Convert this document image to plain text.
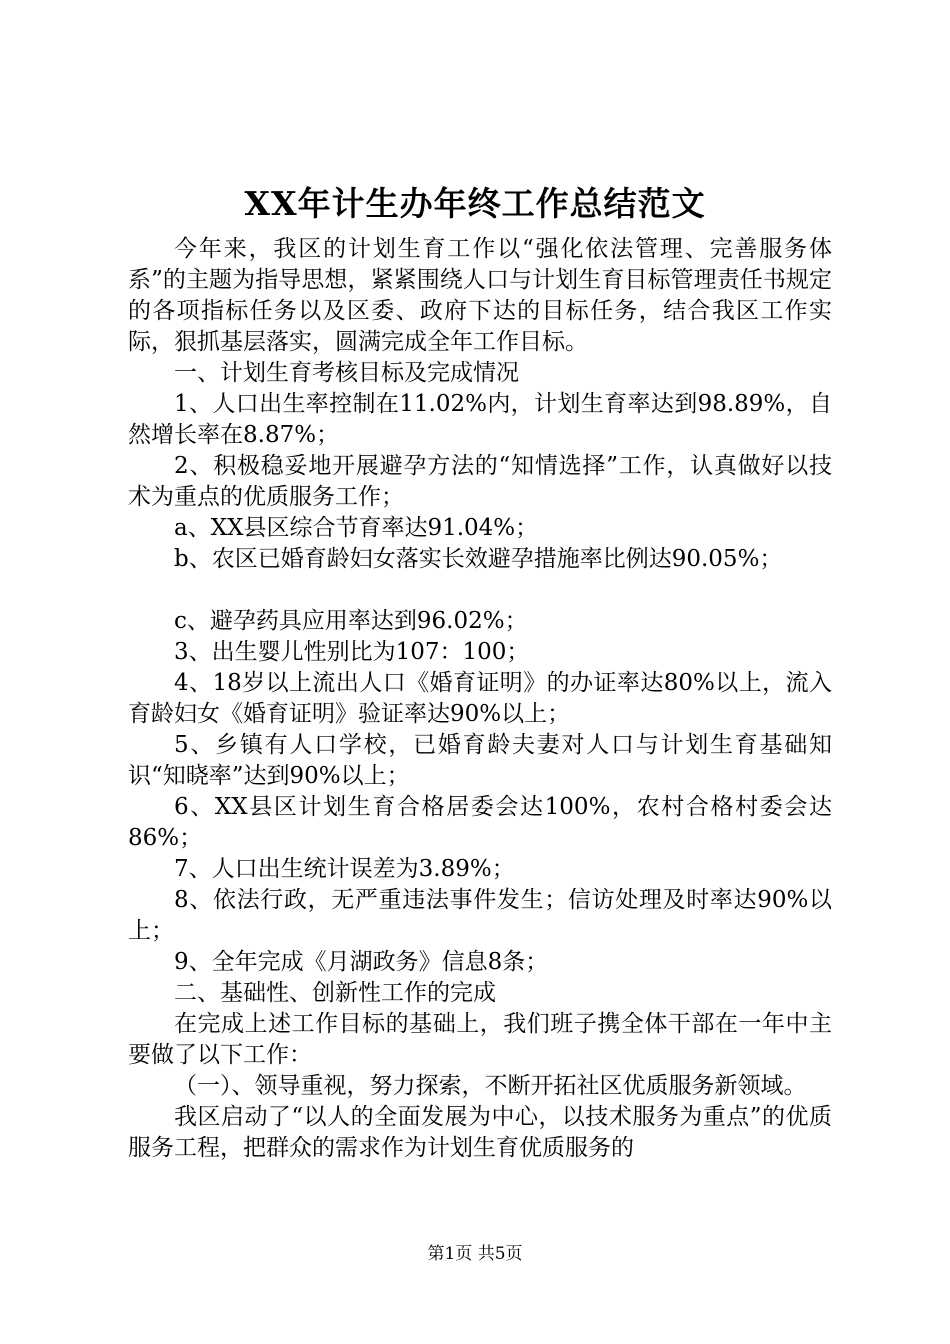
XX年计生办年终工作总结范文

今年来，我区的计划生育工作以“强化依法管理、完善服务体系”的主题为指导思想，紧紧围绕人口与计划生育目标管理责任书规定的各项指标任务以及区委、政府下达的目标任务，结合我区工作实际，狠抓基层落实，圆满完成全年工作目标。

一、计划生育考核目标及完成情况

1、人口出生率控制在11.02%内，计划生育率达到98.89%，自然增长率在8.87%；

2、积极稳妥地开展避孕方法的“知情选择”工作，认真做好以技术为重点的优质服务工作；

a、XX县区综合节育率达91.04%；

b、农区已婚育龄妇女落实长效避孕措施率比例达90.05%；

c、避孕药具应用率达到96.02%；

3、出生婴儿性别比为107：100；

4、18岁以上流出人口《婚育证明》的办证率达80%以上，流入育龄妇女《婚育证明》验证率达90%以上；

5、乡镇有人口学校，已婚育龄夫妻对人口与计划生育基础知识“知晓率”达到90%以上；

6、XX县区计划生育合格居委会达100%，农村合格村委会达86%；

7、人口出生统计误差为3.89%；

8、依法行政，无严重违法事件发生；信访处理及时率达90%以上；

9、全年完成《月湖政务》信息8条；

二、基础性、创新性工作的完成

在完成上述工作目标的基础上，我们班子携全体干部在一年中主要做了以下工作：

（一）、领导重视，努力探索，不断开拓社区优质服务新领域。

我区启动了“以人的全面发展为中心，以技术服务为重点”的优质服务工程，把群众的需求作为计划生育优质服务的

第1页 共5页
